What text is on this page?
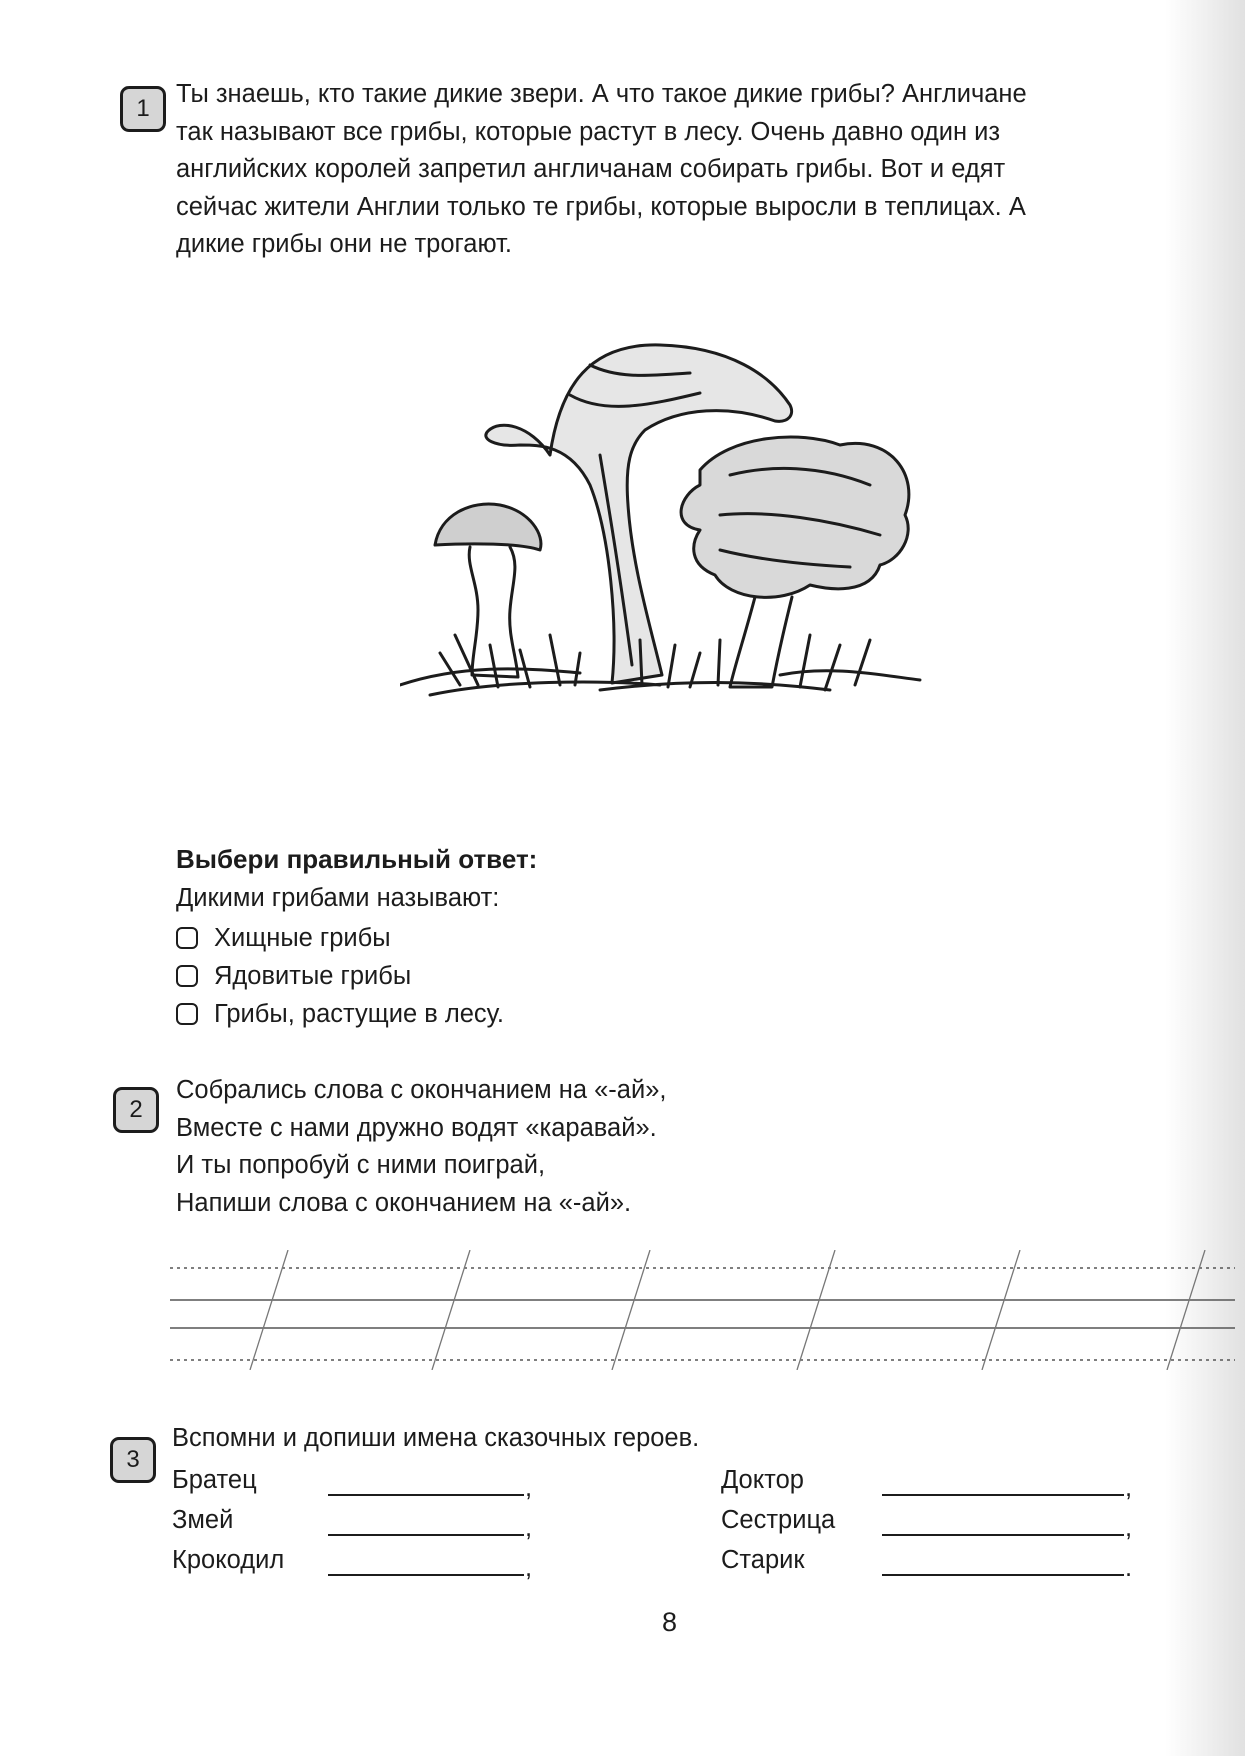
1
Ты знаешь, кто такие дикие звери. А что такое дикие грибы? Англичане
так называют все грибы, которые растут в лесу. Очень давно один из
английских королей запретил англичанам собирать грибы. Вот и едят
сейчас жители Англии только те грибы, которые выросли в теплицах. А
дикие грибы они не трогают.
Выбери правильный ответ:
Дикими грибами называют:
Хищные грибы
Ядовитые грибы
Грибы, растущие в лесу.
2
Собрались слова с окончанием на «-ай»,
Вместе с нами дружно водят «каравай».
И ты попробуй с ними поиграй,
Напиши слова с окончанием на «-ай».
3
Вспомни и допиши имена сказочных героев.
Братец	,
Змей	,
Крокодил	,
Доктор	,
Сестрица	,
Старик	.
8
